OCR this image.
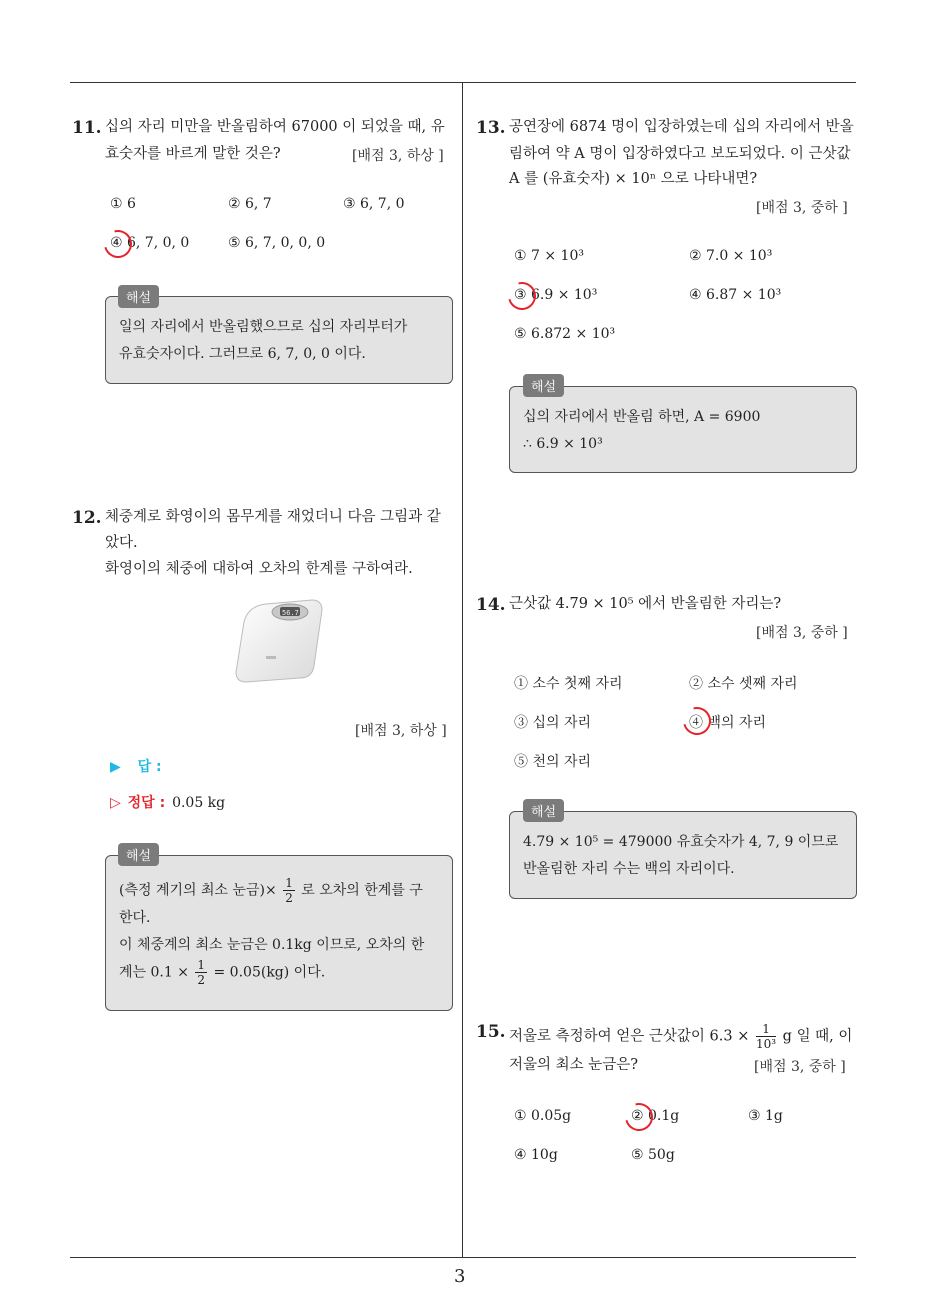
11. 십의 자리 미만을 반올림하여 67000 이 되었을 때, 유
효숫자를 바르게 말한 것은?	[배점 3, 하상 ]
① 6	② 6, 7	③ 6, 7, 0
④ 6, 7, 0, 0	⑤ 6, 7, 0, 0, 0
해설
일의 자리에서 반올림했으므로 십의 자리부터가
유효숫자이다. 그러므로 6, 7, 0, 0 이다.
12. 체중계로 화영이의 몸무게를 재었더니 다음 그림과 같
았다.
화영이의 체중에 대하여 오차의 한계를 구하여라.
56.7
[배점 3, 하상 ]
▶ 답 :
▷ 정답 : 0.05 kg
해설
(측정 계기의 최소 눈금)× $\frac{1}{2}$ 로 오차의 한계를 구
한다.
이 체중계의 최소 눈금은 0.1kg 이므로, 오차의 한
계는 $0.1 \times \frac{1}{2} = 0.05(kg)$ 이다.
13. 공연장에 6874 명이 입장하였는데 십의 자리에서 반올
림하여 약 A 명이 입장하였다고 보도되었다. 이 근삿값
A 를 (유효숫자) × 10ⁿ 으로 나타내면?
[배점 3, 중하 ]
① 7 × 10³	② 7.0 × 10³
③ 6.9 × 10³	④ 6.87 × 10³
⑤ 6.872 × 10³
해설
십의 자리에서 반올림 하면, A = 6900
∴ 6.9 × 10³
14. 근삿값 4.79 × 10⁵ 에서 반올림한 자리는?
[배점 3, 중하 ]
① 소수 첫째 자리	② 소수 셋째 자리
③ 십의 자리	④ 백의 자리
⑤ 천의 자리
해설
4.79 × 10⁵ = 479000 유효숫자가 4, 7, 9 이므로
반올림한 자리 수는 백의 자리이다.
15. 저울로 측정하여 얻은 근삿값이 $6.3 \times \frac{1}{\text{10³}}$ g 일 때, 이
저울의 최소 눈금은?	[배점 3, 중하 ]
① 0.05g	② 0.1g	③ 1g
④ 10g	⑤ 50g
3
